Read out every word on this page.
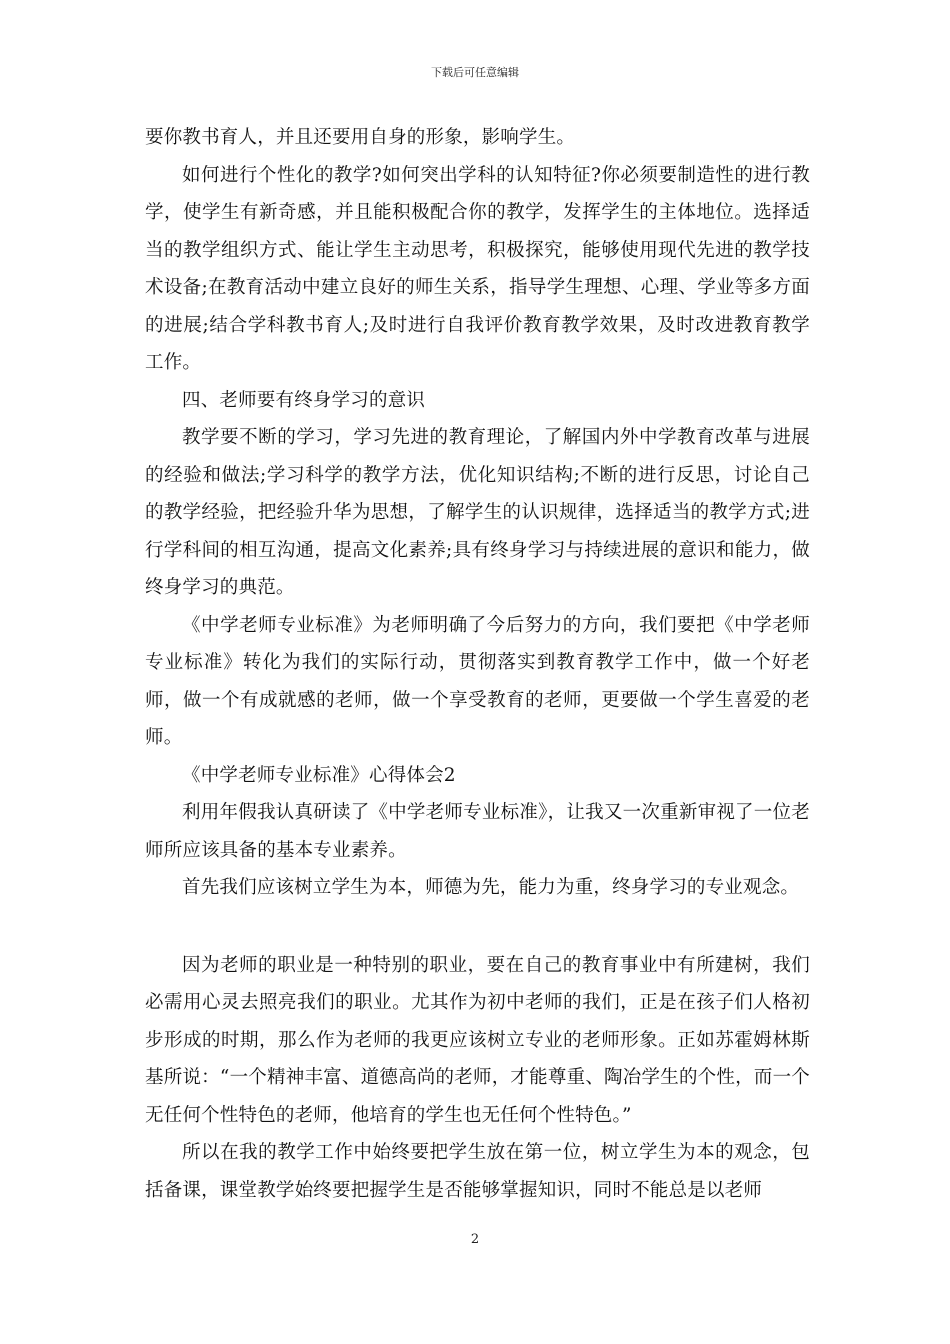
下载后可任意编辑

要你教书育人，并且还要用自身的形象，影响学生。

如何进行个性化的教学?如何突出学科的认知特征?你必须要制造性的进行教学，使学生有新奇感，并且能积极配合你的教学，发挥学生的主体地位。选择适当的教学组织方式、能让学生主动思考，积极探究，能够使用现代先进的教学技术设备;在教育活动中建立良好的师生关系，指导学生理想、心理、学业等多方面的进展;结合学科教书育人;及时进行自我评价教育教学效果，及时改进教育教学工作。

四、老师要有终身学习的意识

教学要不断的学习，学习先进的教育理论，了解国内外中学教育改革与进展的经验和做法;学习科学的教学方法，优化知识结构;不断的进行反思，讨论自己的教学经验，把经验升华为思想，了解学生的认识规律，选择适当的教学方式;进行学科间的相互沟通，提高文化素养;具有终身学习与持续进展的意识和能力，做终身学习的典范。

《中学老师专业标准》为老师明确了今后努力的方向，我们要把《中学老师专业标准》转化为我们的实际行动，贯彻落实到教育教学工作中，做一个好老师，做一个有成就感的老师，做一个享受教育的老师，更要做一个学生喜爱的老师。

《中学老师专业标准》心得体会2

利用年假我认真研读了《中学老师专业标准》，让我又一次重新审视了一位老师所应该具备的基本专业素养。

首先我们应该树立学生为本，师德为先，能力为重，终身学习的专业观念。

因为老师的职业是一种特别的职业，要在自己的教育事业中有所建树，我们必需用心灵去照亮我们的职业。尤其作为初中老师的我们，正是在孩子们人格初步形成的时期，那么作为老师的我更应该树立专业的老师形象。正如苏霍姆林斯基所说：“一个精神丰富、道德高尚的老师，才能尊重、陶冶学生的个性，而一个无任何个性特色的老师，他培育的学生也无任何个性特色。”

所以在我的教学工作中始终要把学生放在第一位，树立学生为本的观念，包括备课，课堂教学始终要把握学生是否能够掌握知识，同时不能总是以老师

2
